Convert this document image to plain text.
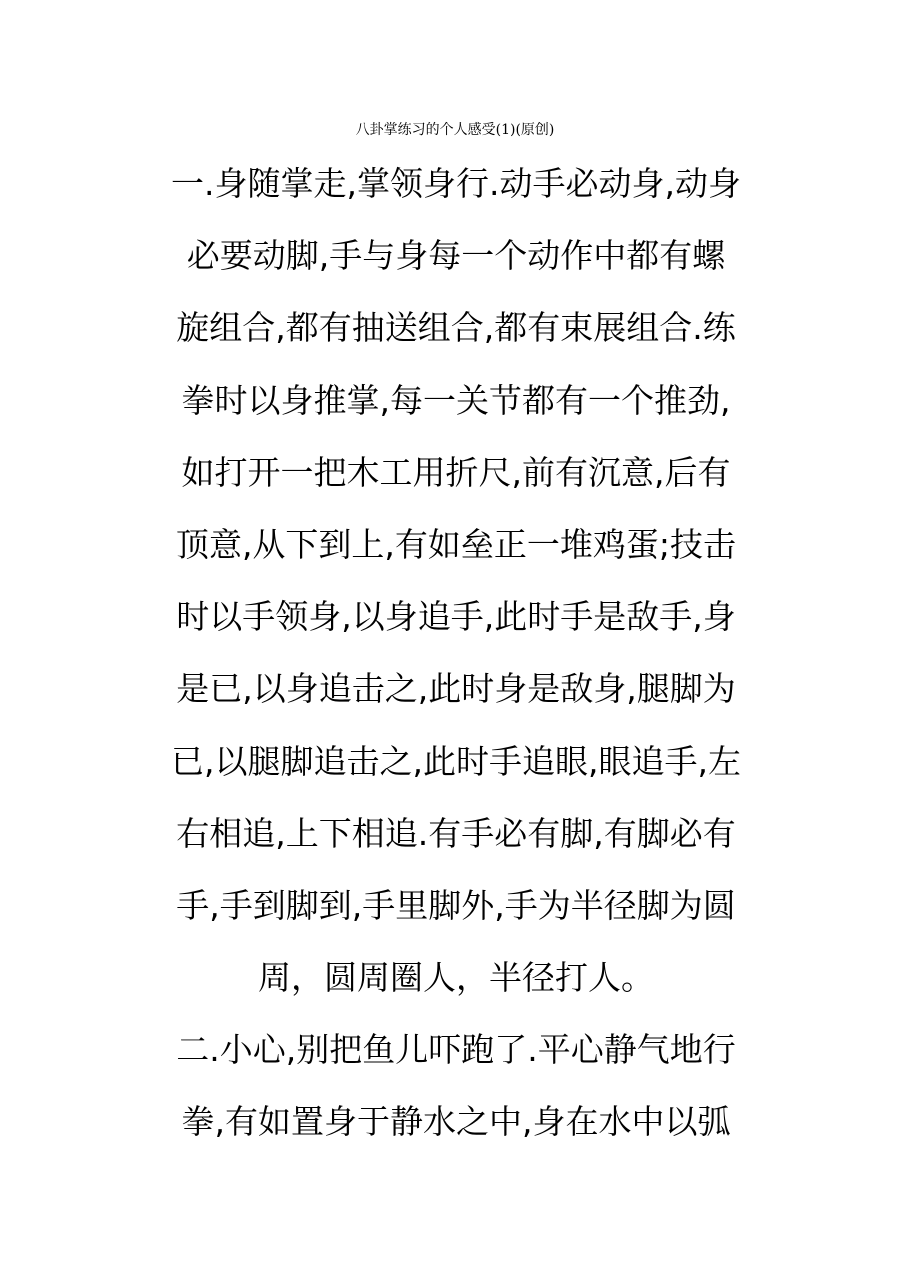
八卦掌练习的个人感受(1)(原创)
一.身随掌走,掌领身行.动手必动身,动身
必要动脚,手与身每一个动作中都有螺
旋组合,都有抽送组合,都有束展组合.练
拳时以身推掌,每一关节都有一个推劲,
如打开一把木工用折尺,前有沉意,后有
顶意,从下到上,有如垒正一堆鸡蛋;技击
时以手领身,以身追手,此时手是敌手,身
是已,以身追击之,此时身是敌身,腿脚为
已,以腿脚追击之,此时手追眼,眼追手,左
右相追,上下相追.有手必有脚,有脚必有
手,手到脚到,手里脚外,手为半径脚为圆
周，圆周圈人，半径打人。
二.小心,别把鱼儿吓跑了.平心静气地行
拳,有如置身于静水之中,身在水中以弧
